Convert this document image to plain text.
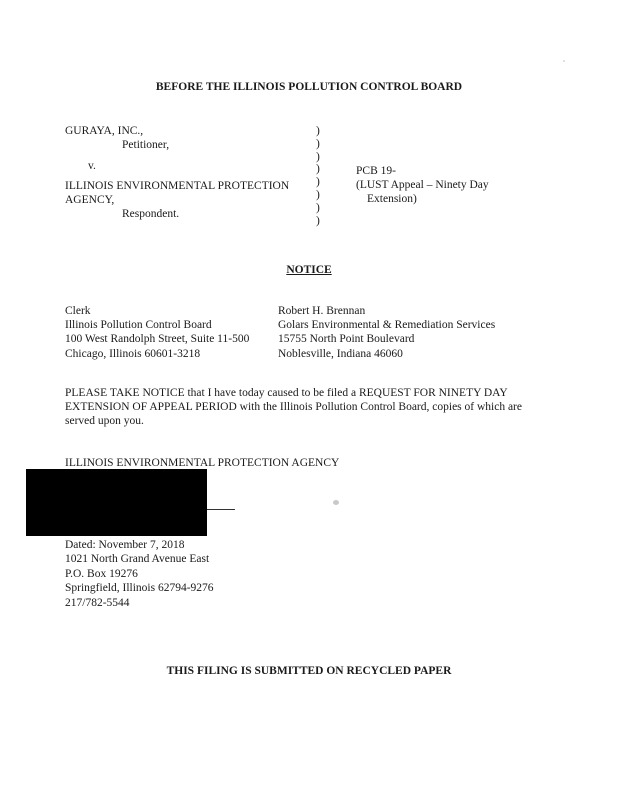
BEFORE THE ILLINOIS POLLUTION CONTROL BOARD
GURAYA, INC.,
Petitioner,
v.
ILLINOIS ENVIRONMENTAL PROTECTION
AGENCY,
Respondent.
)
)
)
)
)
)
)
)
PCB 19-
(LUST Appeal – Ninety Day
Extension)
NOTICE
Clerk
Illinois Pollution Control Board
100 West Randolph Street, Suite 11-500
Chicago, Illinois 60601-3218
Robert H. Brennan
Golars Environmental & Remediation Services
15755 North Point Boulevard
Noblesville, Indiana 46060
PLEASE TAKE NOTICE that I have today caused to be filed a REQUEST FOR NINETY DAY EXTENSION OF APPEAL PERIOD with the Illinois Pollution Control Board, copies of which are served upon you.
ILLINOIS ENVIRONMENTAL PROTECTION AGENCY
Dated: November 7, 2018
1021 North Grand Avenue East
P.O. Box 19276
Springfield, Illinois 62794-9276
217/782-5544
THIS FILING IS SUBMITTED ON RECYCLED PAPER
